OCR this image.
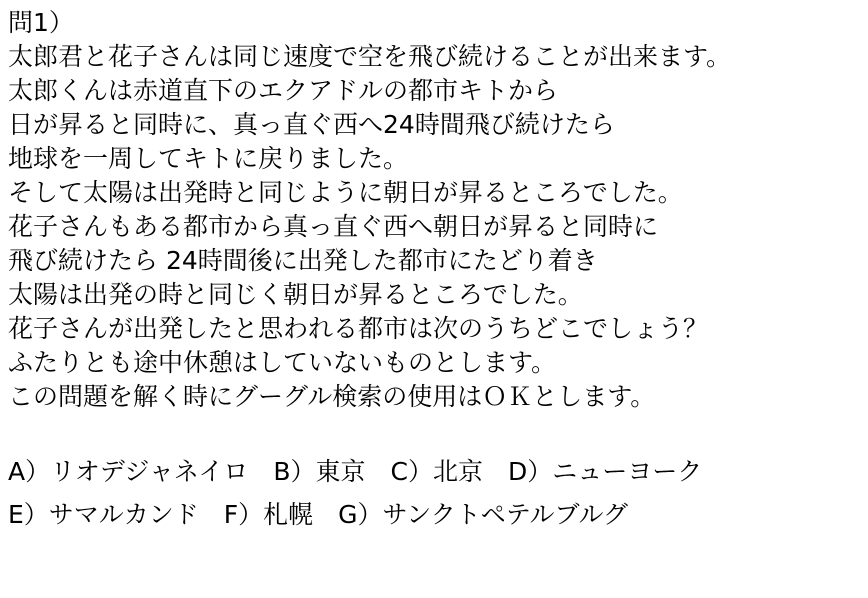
問1）
太郎君と花子さんは同じ速度で空を飛び続けることが出来ます。
太郎くんは赤道直下のエクアドルの都市キトから
日が昇ると同時に、真っ直ぐ西へ24時間飛び続けたら
地球を一周してキトに戻りました。
そして太陽は出発時と同じように朝日が昇るところでした。
花子さんもある都市から真っ直ぐ西へ朝日が昇ると同時に
飛び続けたら 24時間後に出発した都市にたどり着き
太陽は出発の時と同じく朝日が昇るところでした。
花子さんが出発したと思われる都市は次のうちどこでしょう？
ふたりとも途中休憩はしていないものとします。
この問題を解く時にグーグル検索の使用はＯＫとします。
A）リオデジャネイロ　B）東京　C）北京　D）ニューヨーク
E）サマルカンド　F）札幌　G）サンクトペテルブルグ
